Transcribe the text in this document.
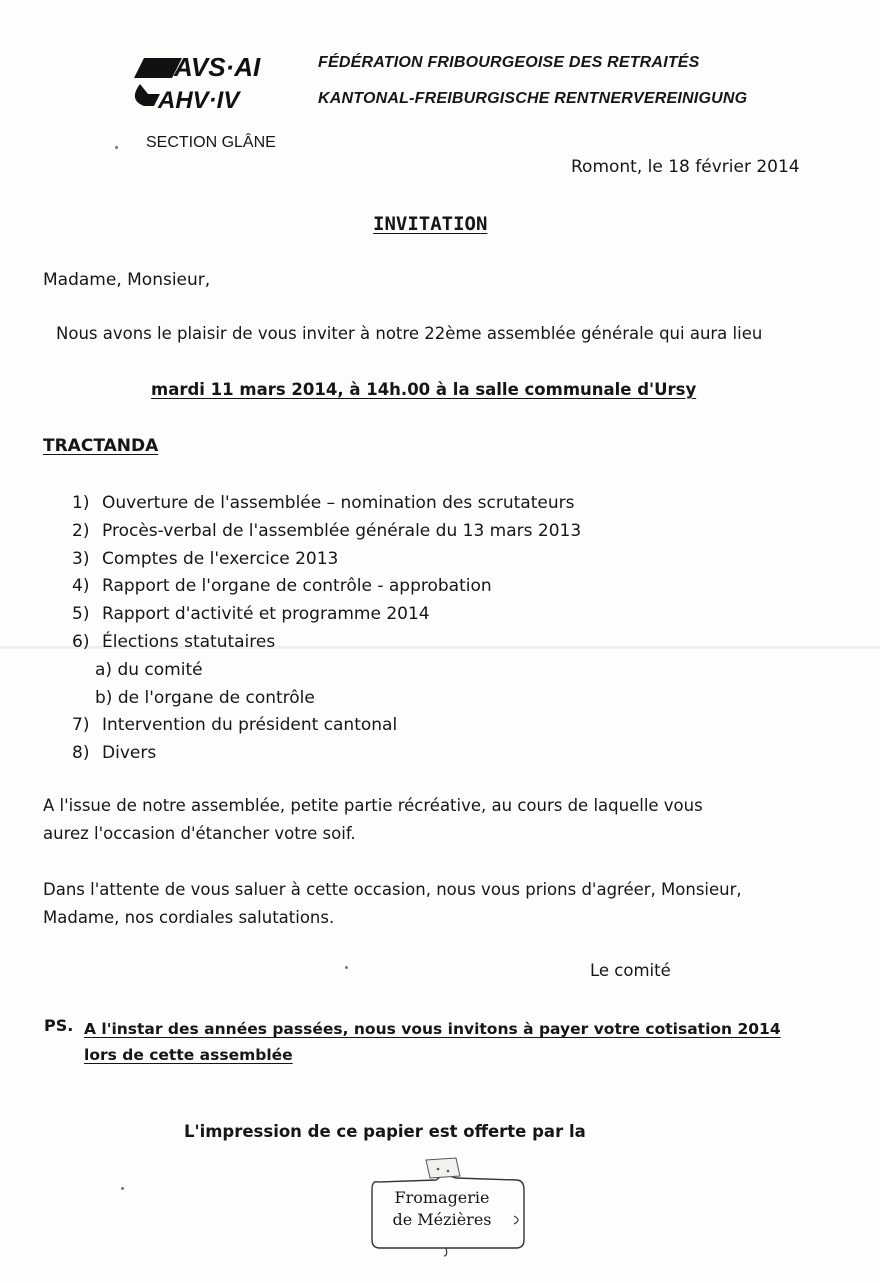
AVS·AI
AHV·IV
FÉDÉRATION FRIBOURGEOISE DES RETRAITÉS
KANTONAL-FREIBURGISCHE RENTNERVEREINIGUNG
SECTION GLÂNE
Romont, le 18 février 2014
INVITATION
Madame, Monsieur,
Nous avons le plaisir de vous inviter à notre 22ème assemblée générale qui aura lieu
mardi 11 mars 2014, à 14h.00 à la salle communale d'Ursy
TRACTANDA
1) Ouverture de l'assemblée – nomination des scrutateurs
2) Procès-verbal de l'assemblée générale du 13 mars 2013
3) Comptes de l'exercice 2013
4) Rapport de l'organe de contrôle - approbation
5) Rapport d'activité et programme 2014
6) Élections statutaires
a) du comité
b) de l'organe de contrôle
7) Intervention du président cantonal
8) Divers
A l'issue de notre assemblée, petite partie récréative, au cours de laquelle vous
aurez l'occasion d'étancher votre soif.
Dans l'attente de vous saluer à cette occasion, nous vous prions d'agréer, Monsieur,
Madame, nos cordiales salutations.
Le comité
PS. A l'instar des années passées, nous vous invitons à payer votre cotisation 2014
lors de cette assemblée
L'impression de ce papier est offerte par la
Fromagerie
de Mézières
